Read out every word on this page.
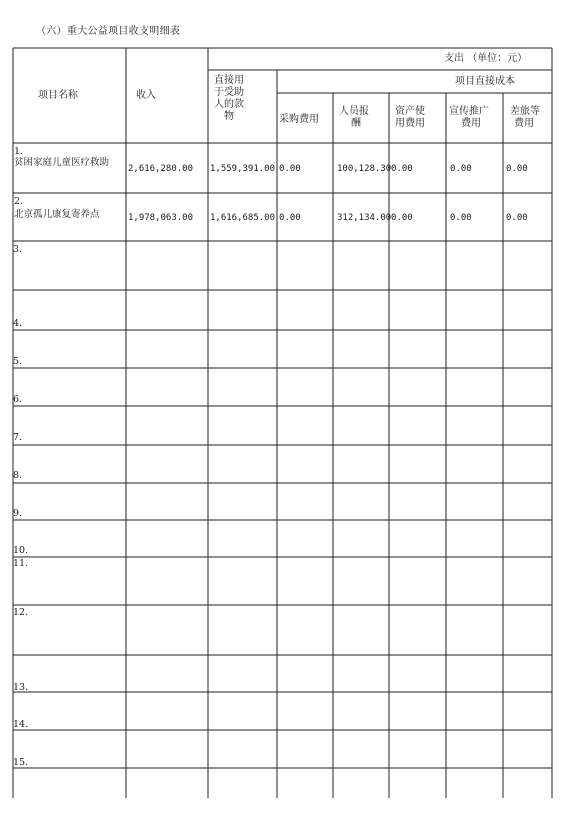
（六）重大公益项目收支明细表
支出 （单位：元）
项目名称	收入
直接用
于受助
人的款
物
项目直接成本
采购费用
人员报
酬
资产使
用费用
宣传推广
费用
差旅等
费用
1.
贫困家庭儿童医疗救助
2,616,280.00 1,559,391.00 0.00	100,128.30 0.00	0.00	0.00
2.
北京孤儿康复寄养点	1,978,063.00 1,616,685.00 0.00	312,134.00 0.00	0.00	0.00
3.
4.
5.
6.
7.
8.
9.
10.
11.
12.
13.
14.
15.
